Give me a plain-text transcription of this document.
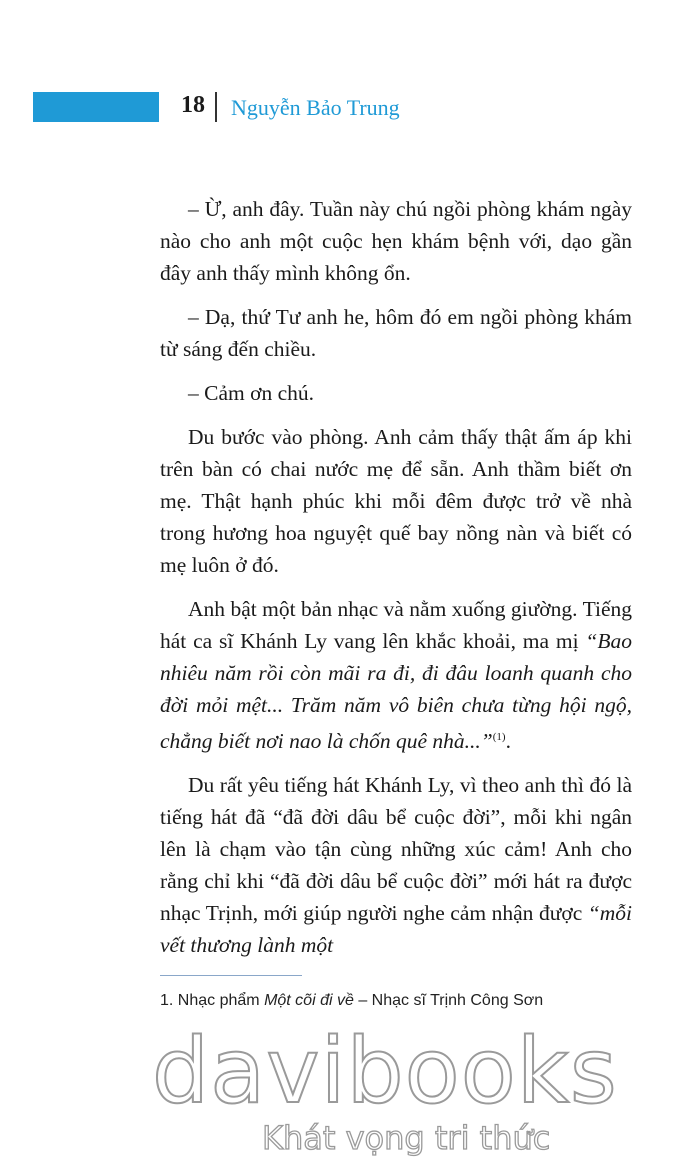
18 Nguyễn Bảo Trung

– Ừ, anh đây. Tuần này chú ngồi phòng khám ngày nào cho anh một cuộc hẹn khám bệnh với, dạo gần đây anh thấy mình không ổn.

– Dạ, thứ Tư anh he, hôm đó em ngồi phòng khám từ sáng đến chiều.

– Cảm ơn chú.

Du bước vào phòng. Anh cảm thấy thật ấm áp khi trên bàn có chai nước mẹ để sẵn. Anh thầm biết ơn mẹ. Thật hạnh phúc khi mỗi đêm được trở về nhà trong hương hoa nguyệt quế bay nồng nàn và biết có mẹ luôn ở đó.

Anh bật một bản nhạc và nằm xuống giường. Tiếng hát ca sĩ Khánh Ly vang lên khắc khoải, ma mị “Bao nhiêu năm rồi còn mãi ra đi, đi đâu loanh quanh cho đời mỏi mệt... Trăm năm vô biên chưa từng hội ngộ, chẳng biết nơi nao là chốn quê nhà...”$^{(1)}$.

Du rất yêu tiếng hát Khánh Ly, vì theo anh thì đó là tiếng hát đã “đã đời dâu bể cuộc đời”, mỗi khi ngân lên là chạm vào tận cùng những xúc cảm! Anh cho rằng chỉ khi “đã đời dâu bể cuộc đời” mới hát ra được nhạc Trịnh, mới giúp người nghe cảm nhận được “mỗi vết thương lành một

1. Nhạc phẩm Một cõi đi về – Nhạc sĩ Trịnh Công Sơn
davibooks
Khát vọng tri thức
